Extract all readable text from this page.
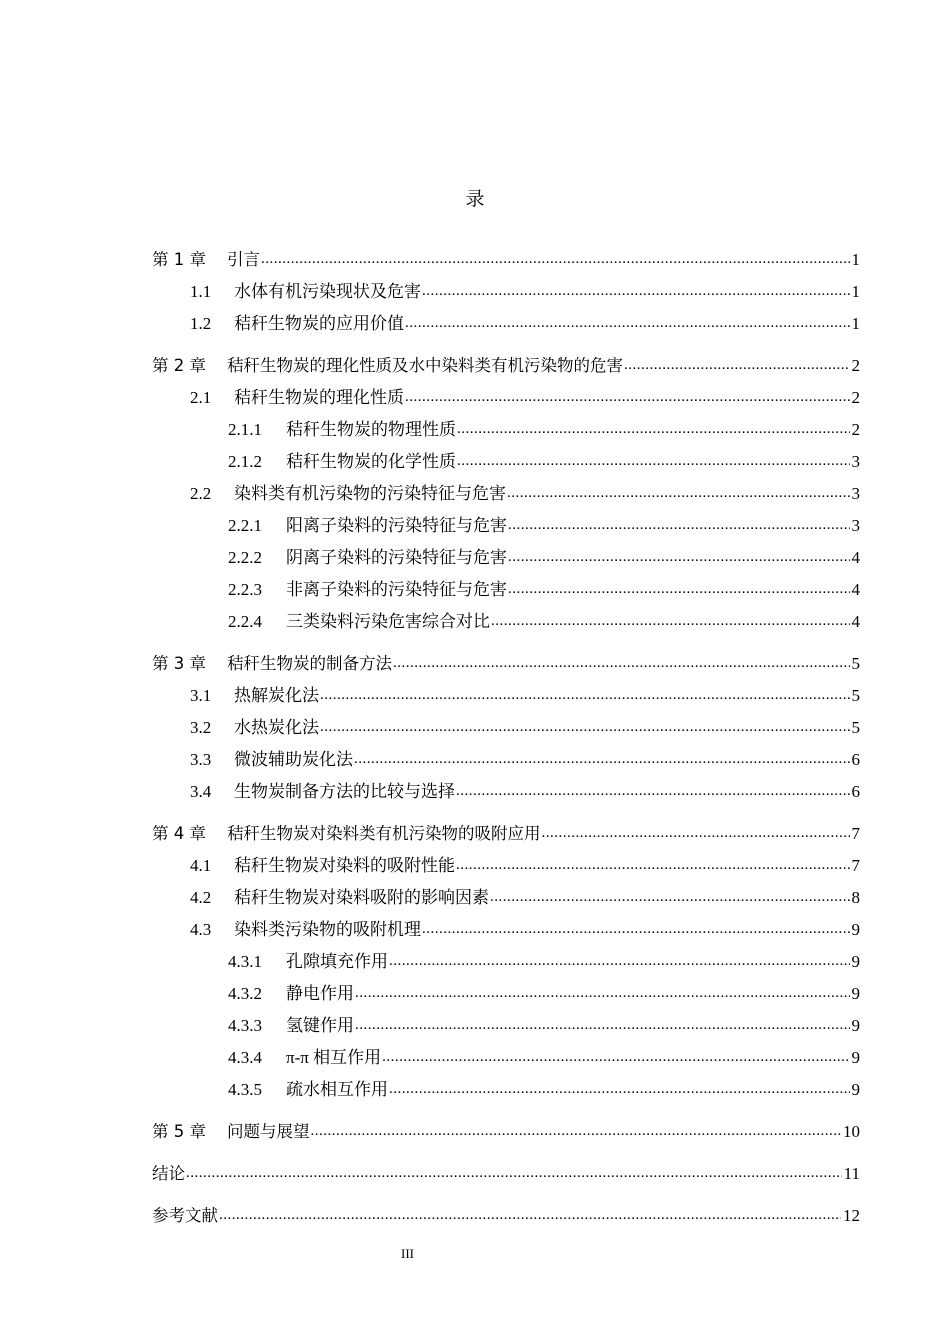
录
第 1 章	引言 .....	1
1.1	水体有机污染现状及危害 .....	1
1.2	秸秆生物炭的应用价值 .....	1
第 2 章	秸秆生物炭的理化性质及水中染料类有机污染物的危害 .....	2
2.1	秸秆生物炭的理化性质 .....	2
2.1.1	秸秆生物炭的物理性质 .....	2
2.1.2	秸秆生物炭的化学性质 .....	3
2.2	染料类有机污染物的污染特征与危害 .....	3
2.2.1	阳离子染料的污染特征与危害 .....	3
2.2.2	阴离子染料的污染特征与危害 .....	4
2.2.3	非离子染料的污染特征与危害 .....	4
2.2.4	三类染料污染危害综合对比 .....	4
第 3 章	秸秆生物炭的制备方法 .....	5
3.1	热解炭化法 .....	5
3.2	水热炭化法 .....	5
3.3	微波辅助炭化法 .....	6
3.4	生物炭制备方法的比较与选择 .....	6
第 4 章	秸秆生物炭对染料类有机污染物的吸附应用 .....	7
4.1	秸秆生物炭对染料的吸附性能 .....	7
4.2	秸秆生物炭对染料吸附的影响因素 .....	8
4.3	染料类污染物的吸附机理 .....	9
4.3.1	孔隙填充作用 .....	9
4.3.2	静电作用 .....	9
4.3.3	氢键作用 .....	9
4.3.4	π-π 相互作用 .....	9
4.3.5	疏水相互作用 .....	9
第 5 章	问题与展望 .....	10
结论 .....	11
参考文献 .....	12
III
